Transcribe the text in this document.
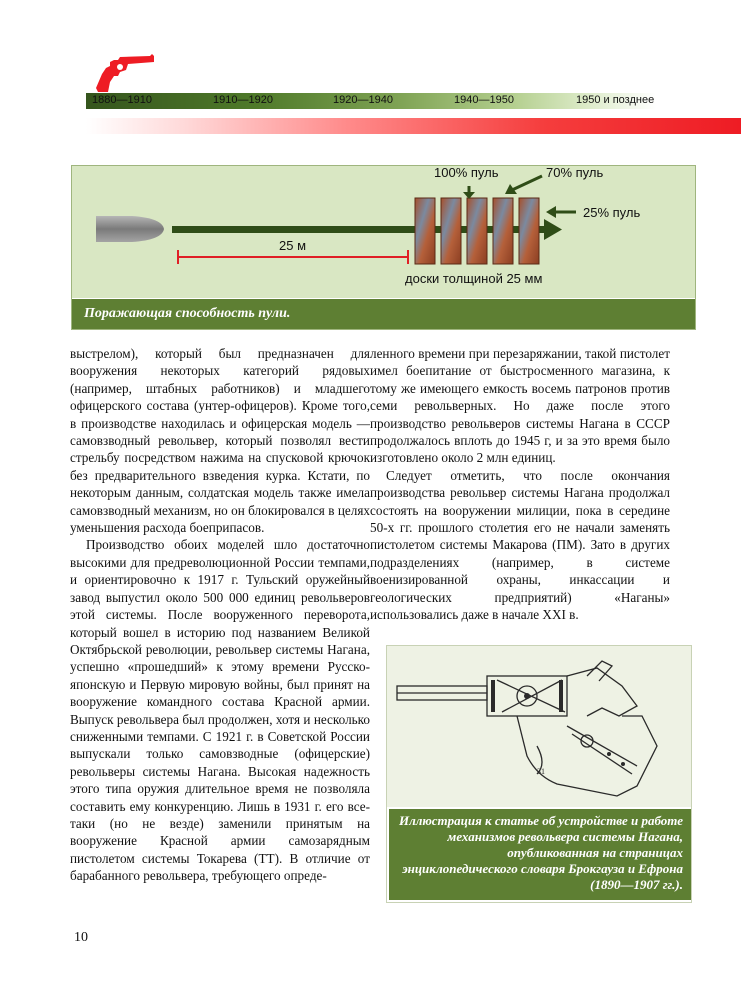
1880—1910	1910—1920	1920—1940	1940—1950	1950 и позднее
100% пуль	70% пуль
25% пуль
25 м
доски толщиной 25 мм
Поражающая способность пули.

выстрелом), который был предназначен для вооружения некоторых категорий рядовых (например, штабных работников) и младшего офицерского состава (унтер-офицеров). Кроме того, в производстве находилась и офицерская модель — самовзводный револьвер, который позволял вести стрельбу посредством нажима на спусковой крючок без предварительного взведения курка. Кстати, по некоторым данным, солдатская модель также имела самовзводный механизм, но он блокировался в целях уменьшения расхода боеприпасов.

Производство обоих моделей шло достаточно высокими для предреволюционной России темпами, и ориентировочно к 1917 г. Тульский оружейный завод выпустил около 500 000 единиц револьверов этой системы. После вооруженного переворота, который вошел в историю под названием Великой Октябрьской революции, револьвер системы Нагана, успешно «прошедший» к этому времени Русско-японскую и Первую мировую войны, был принят на вооружение командного состава Красной армии. Выпуск револьвера был продолжен, хотя и несколько сниженными темпами. С 1921 г. в Советской России выпускали только самовзводные (офицерские) револьверы системы Нагана. Высокая надежность этого типа оружия длительное время не позволяла составить ему конкуренцию. Лишь в 1931 г. его все-таки (но не везде) заменили принятым на вооружение Красной армии самозарядным пистолетом системы Токарева (ТТ). В отличие от барабанного револьвера, требующего опреде-

ленного времени при перезаряжании, такой пистолет имел боепитание от быстросменного магазина, к тому же имеющего емкость восемь патронов против семи револьверных. Но даже после этого производство револьверов системы Нагана в СССР продолжалось вплоть до 1945 г, и за это время было изготовлено около 2 млн единиц.

Следует отметить, что после окончания производства револьвер системы Нагана продолжал состоять на вооружении милиции, пока в середине 50-х гг. прошлого столетия его не начали заменять пистолетом системы Макарова (ПМ). Зато в других подразделениях (например, в системе военизированной охраны, инкассации и геологических предприятий) «Наганы» использовались даже в начале XXI в.

31
Иллюстрация к статье об устройстве и работе механизмов револьвера системы Нагана, опубликованная на страницах энциклопедического словаря Брокгауза и Ефрона (1890—1907 гг.).
10
